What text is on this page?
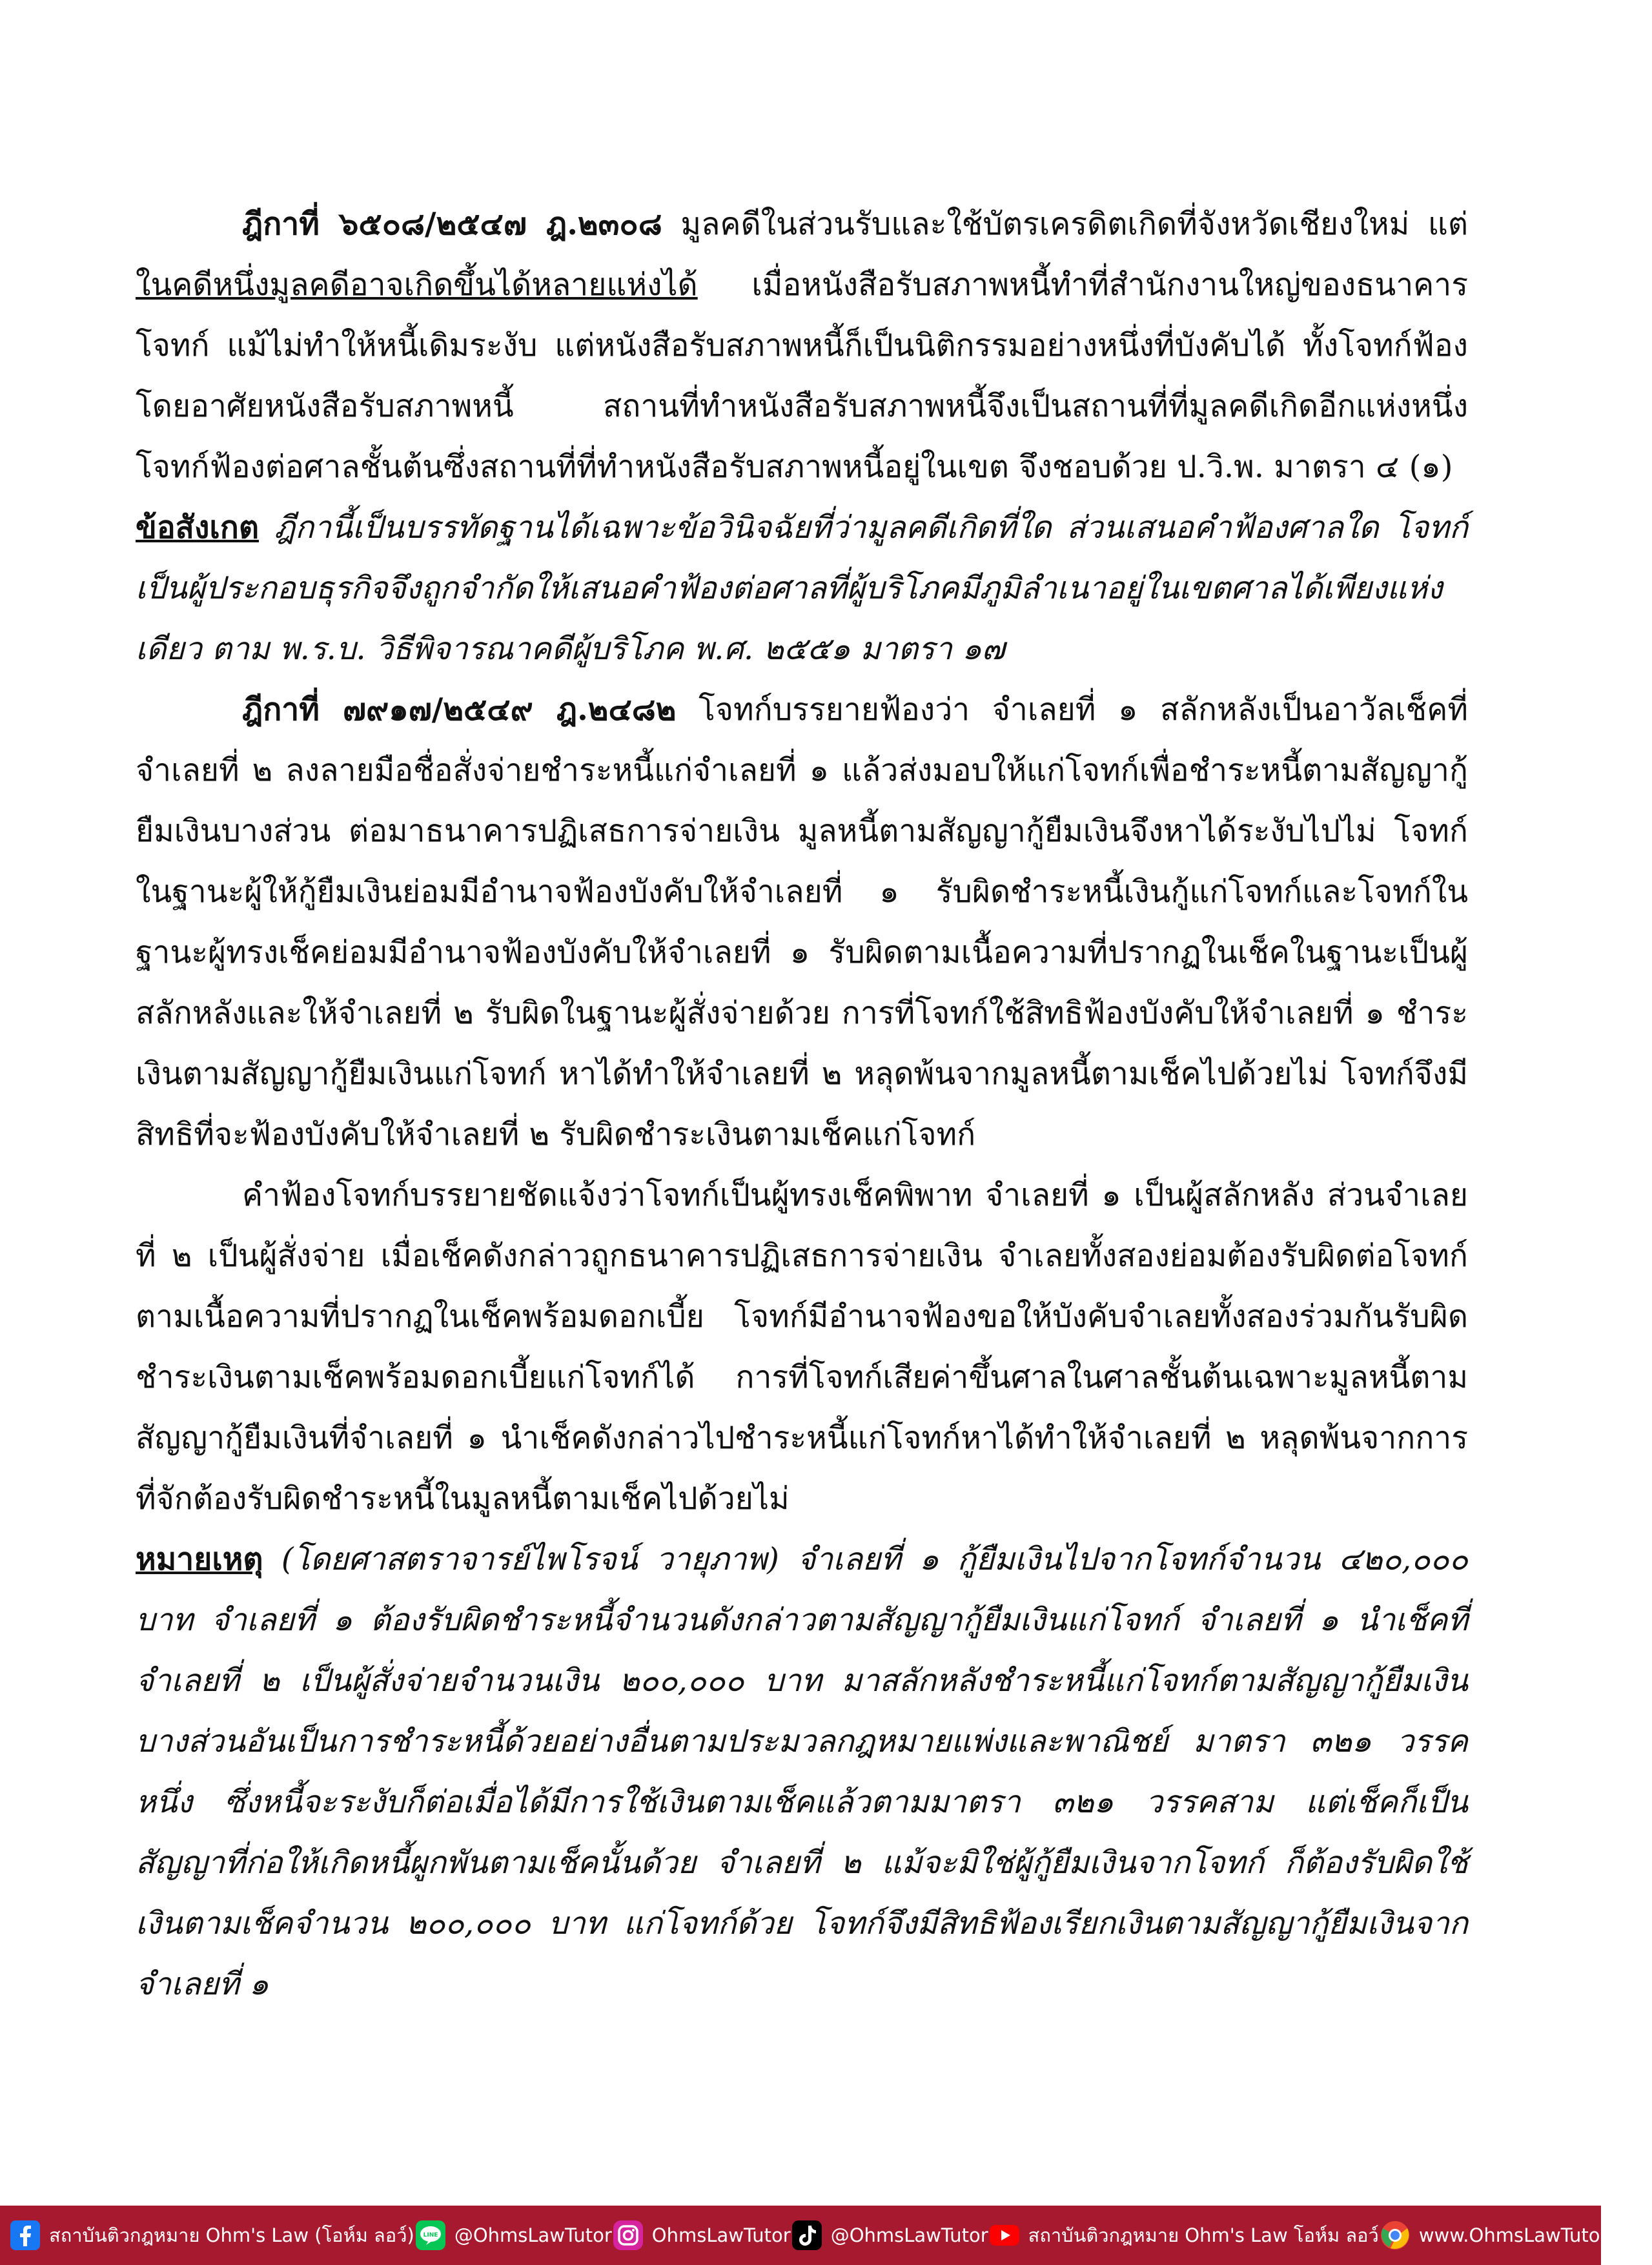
ฎีกาที่ ๖๕๐๘/๒๕๔๗ ฎ.๒๓๐๘ มูลคดีในส่วนรับและใช้บัตรเครดิตเกิดที่จังหวัดเชียงใหม่ แต่ในคดีหนึ่งมูลคดีอาจเกิดขึ้นได้หลายแห่งได้ เมื่อหนังสือรับสภาพหนี้ทำที่สำนักงานใหญ่ของธนาคารโจทก์ แม้ไม่ทำให้หนี้เดิมระงับ แต่หนังสือรับสภาพหนี้ก็เป็นนิติกรรมอย่างหนึ่งที่บังคับได้ ทั้งโจทก์ฟ้องโดยอาศัยหนังสือรับสภาพหนี้ สถานที่ทำหนังสือรับสภาพหนี้จึงเป็นสถานที่ที่มูลคดีเกิดอีกแห่งหนึ่ง โจทก์ฟ้องต่อศาลชั้นต้นซึ่งสถานที่ที่ทำหนังสือรับสภาพหนี้อยู่ในเขต จึงชอบด้วย ป.วิ.พ. มาตรา ๔ (๑)

ข้อสังเกต ฎีกานี้เป็นบรรทัดฐานได้เฉพาะข้อวินิจฉัยที่ว่ามูลคดีเกิดที่ใด ส่วนเสนอคำฟ้องศาลใด โจทก์เป็นผู้ประกอบธุรกิจจึงถูกจำกัดให้เสนอคำฟ้องต่อศาลที่ผู้บริโภคมีภูมิลำเนาอยู่ในเขตศาลได้เพียงแห่งเดียว ตาม พ.ร.บ. วิธีพิจารณาคดีผู้บริโภค พ.ศ. ๒๕๕๑ มาตรา ๑๗

ฎีกาที่ ๗๙๑๗/๒๕๔๙ ฎ.๒๔๘๒ โจทก์บรรยายฟ้องว่า จำเลยที่ ๑ สลักหลังเป็นอาวัลเช็คที่จำเลยที่ ๒ ลงลายมือชื่อสั่งจ่ายชำระหนี้แก่จำเลยที่ ๑ แล้วส่งมอบให้แก่โจทก์เพื่อชำระหนี้ตามสัญญากู้ยืมเงินบางส่วน ต่อมาธนาคารปฏิเสธการจ่ายเงิน มูลหนี้ตามสัญญากู้ยืมเงินจึงหาได้ระงับไปไม่ โจทก์ในฐานะผู้ให้กู้ยืมเงินย่อมมีอำนาจฟ้องบังคับให้จำเลยที่ ๑ รับผิดชำระหนี้เงินกู้แก่โจทก์และโจทก์ในฐานะผู้ทรงเช็คย่อมมีอำนาจฟ้องบังคับให้จำเลยที่ ๑ รับผิดตามเนื้อความที่ปรากฏในเช็คในฐานะเป็นผู้สลักหลังและให้จำเลยที่ ๒ รับผิดในฐานะผู้สั่งจ่ายด้วย การที่โจทก์ใช้สิทธิฟ้องบังคับให้จำเลยที่ ๑ ชำระเงินตามสัญญากู้ยืมเงินแก่โจทก์ หาได้ทำให้จำเลยที่ ๒ หลุดพ้นจากมูลหนี้ตามเช็คไปด้วยไม่ โจทก์จึงมีสิทธิที่จะฟ้องบังคับให้จำเลยที่ ๒ รับผิดชำระเงินตามเช็คแก่โจทก์

คำฟ้องโจทก์บรรยายชัดแจ้งว่าโจทก์เป็นผู้ทรงเช็คพิพาท จำเลยที่ ๑ เป็นผู้สลักหลัง ส่วนจำเลยที่ ๒ เป็นผู้สั่งจ่าย เมื่อเช็คดังกล่าวถูกธนาคารปฏิเสธการจ่ายเงิน จำเลยทั้งสองย่อมต้องรับผิดต่อโจทก์ตามเนื้อความที่ปรากฏในเช็คพร้อมดอกเบี้ย โจทก์มีอำนาจฟ้องขอให้บังคับจำเลยทั้งสองร่วมกันรับผิดชำระเงินตามเช็คพร้อมดอกเบี้ยแก่โจทก์ได้ การที่โจทก์เสียค่าขึ้นศาลในศาลชั้นต้นเฉพาะมูลหนี้ตามสัญญากู้ยืมเงินที่จำเลยที่ ๑ นำเช็คดังกล่าวไปชำระหนี้แก่โจทก์หาได้ทำให้จำเลยที่ ๒ หลุดพ้นจากการที่จักต้องรับผิดชำระหนี้ในมูลหนี้ตามเช็คไปด้วยไม่

หมายเหตุ (โดยศาสตราจารย์ไพโรจน์ วายุภาพ) จำเลยที่ ๑ กู้ยืมเงินไปจากโจทก์จำนวน ๔๒๐,๐๐๐ บาท จำเลยที่ ๑ ต้องรับผิดชำระหนี้จำนวนดังกล่าวตามสัญญากู้ยืมเงินแก่โจทก์ จำเลยที่ ๑ นำเช็คที่จำเลยที่ ๒ เป็นผู้สั่งจ่ายจำนวนเงิน ๒๐๐,๐๐๐ บาท มาสลักหลังชำระหนี้แก่โจทก์ตามสัญญากู้ยืมเงินบางส่วนอันเป็นการชำระหนี้ด้วยอย่างอื่นตามประมวลกฎหมายแพ่งและพาณิชย์ มาตรา ๓๒๑ วรรคหนึ่ง ซึ่งหนี้จะระงับก็ต่อเมื่อได้มีการใช้เงินตามเช็คแล้วตามมาตรา ๓๒๑ วรรคสาม แต่เช็คก็เป็นสัญญาที่ก่อให้เกิดหนี้ผูกพันตามเช็คนั้นด้วย จำเลยที่ ๒ แม้จะมิใช่ผู้กู้ยืมเงินจากโจทก์ ก็ต้องรับผิดใช้เงินตามเช็คจำนวน ๒๐๐,๐๐๐ บาท แก่โจทก์ด้วย โจทก์จึงมีสิทธิฟ้องเรียกเงินตามสัญญากู้ยืมเงินจากจำเลยที่ ๑

สถาบันติวกฎหมาย Ohm's Law (โอห์ม ลอว์) LINE @OhmsLawTutor OhmsLawTutor @OhmsLawTutor สถาบันติวกฎหมาย Ohm's Law โอห์ม ลอว์ www.OhmsLawTutor.com
